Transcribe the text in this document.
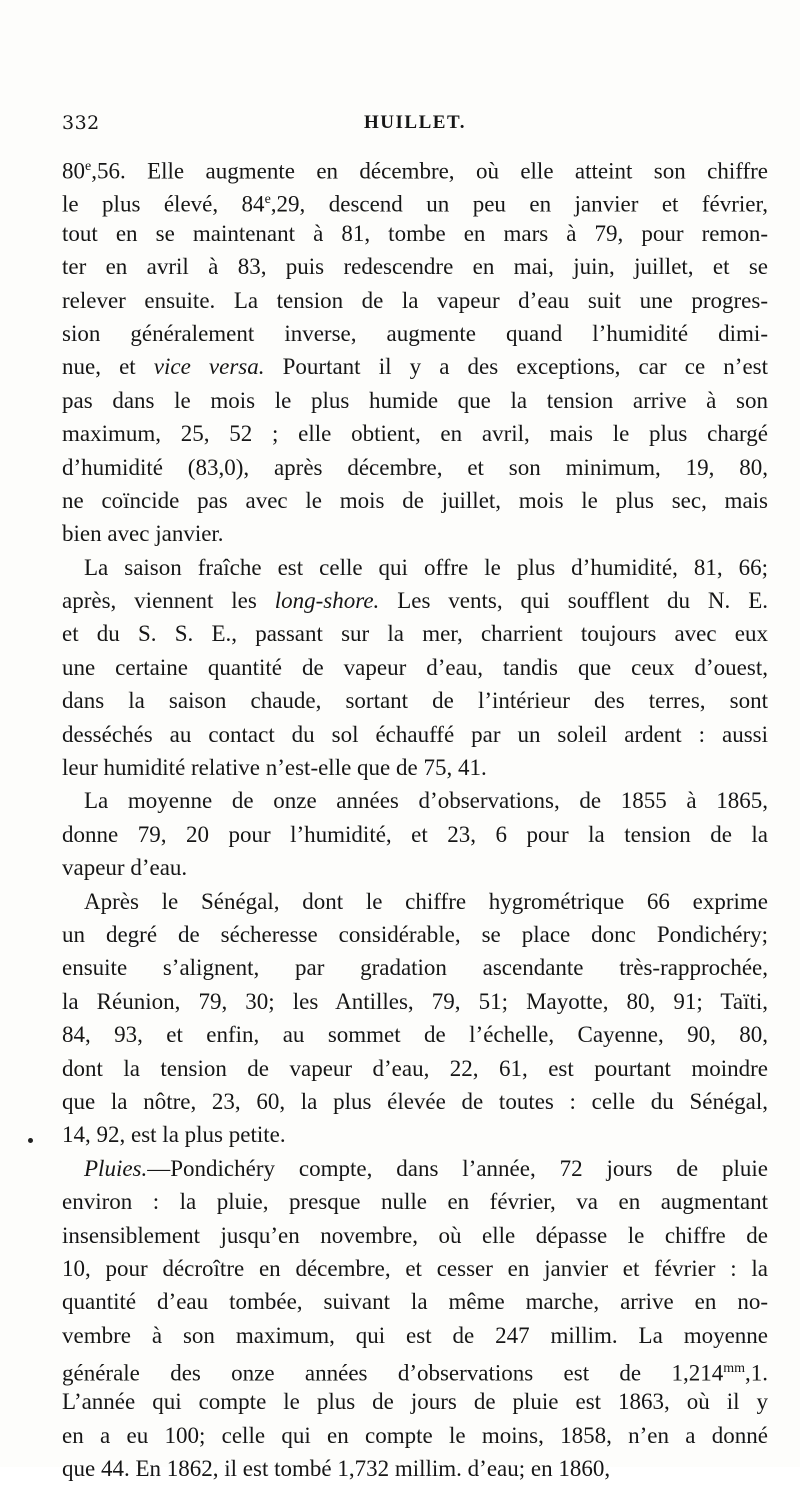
332	HUILLET.
80e,56. Elle augmente en décembre, où elle atteint son chiffre
le plus élevé, 84e,29, descend un peu en janvier et février,
tout en se maintenant à 81, tombe en mars à 79, pour remon-
ter en avril à 83, puis redescendre en mai, juin, juillet, et se
relever ensuite. La tension de la vapeur d’eau suit une progres-
sion généralement inverse, augmente quand l’humidité dimi-
nue, et vice versa. Pourtant il y a des exceptions, car ce n’est
pas dans le mois le plus humide que la tension arrive à son
maximum, 25, 52 ; elle obtient, en avril, mais le plus chargé
d’humidité (83,0), après décembre, et son minimum, 19, 80,
ne coïncide pas avec le mois de juillet, mois le plus sec, mais
bien avec janvier.
La saison fraîche est celle qui offre le plus d’humidité, 81, 66;
après, viennent les long-shore. Les vents, qui soufflent du N. E.
et du S. S. E., passant sur la mer, charrient toujours avec eux
une certaine quantité de vapeur d’eau, tandis que ceux d’ouest,
dans la saison chaude, sortant de l’intérieur des terres, sont
desséchés au contact du sol échauffé par un soleil ardent : aussi
leur humidité relative n’est-elle que de 75, 41.
La moyenne de onze années d’observations, de 1855 à 1865,
donne 79, 20 pour l’humidité, et 23, 6 pour la tension de la
vapeur d’eau.
Après le Sénégal, dont le chiffre hygrométrique 66 exprime
un degré de sécheresse considérable, se place donc Pondichéry;
ensuite s’alignent, par gradation ascendante très-rapprochée,
la Réunion, 79, 30; les Antilles, 79, 51; Mayotte, 80, 91; Taïti,
84, 93, et enfin, au sommet de l’échelle, Cayenne, 90, 80,
dont la tension de vapeur d’eau, 22, 61, est pourtant moindre
que la nôtre, 23, 60, la plus élevée de toutes : celle du Sénégal,
14, 92, est la plus petite.
Pluies.—Pondichéry compte, dans l’année, 72 jours de pluie
environ : la pluie, presque nulle en février, va en augmentant
insensiblement jusqu’en novembre, où elle dépasse le chiffre de
10, pour décroître en décembre, et cesser en janvier et février : la
quantité d’eau tombée, suivant la même marche, arrive en no-
vembre à son maximum, qui est de 247 millim. La moyenne
générale des onze années d’observations est de $1,214^{mm},1$.
L’année qui compte le plus de jours de pluie est 1863, où il y
en a eu 100; celle qui en compte le moins, 1858, n’en a donné
que 44. En 1862, il est tombé 1,732 millim. d’eau; en 1860,
